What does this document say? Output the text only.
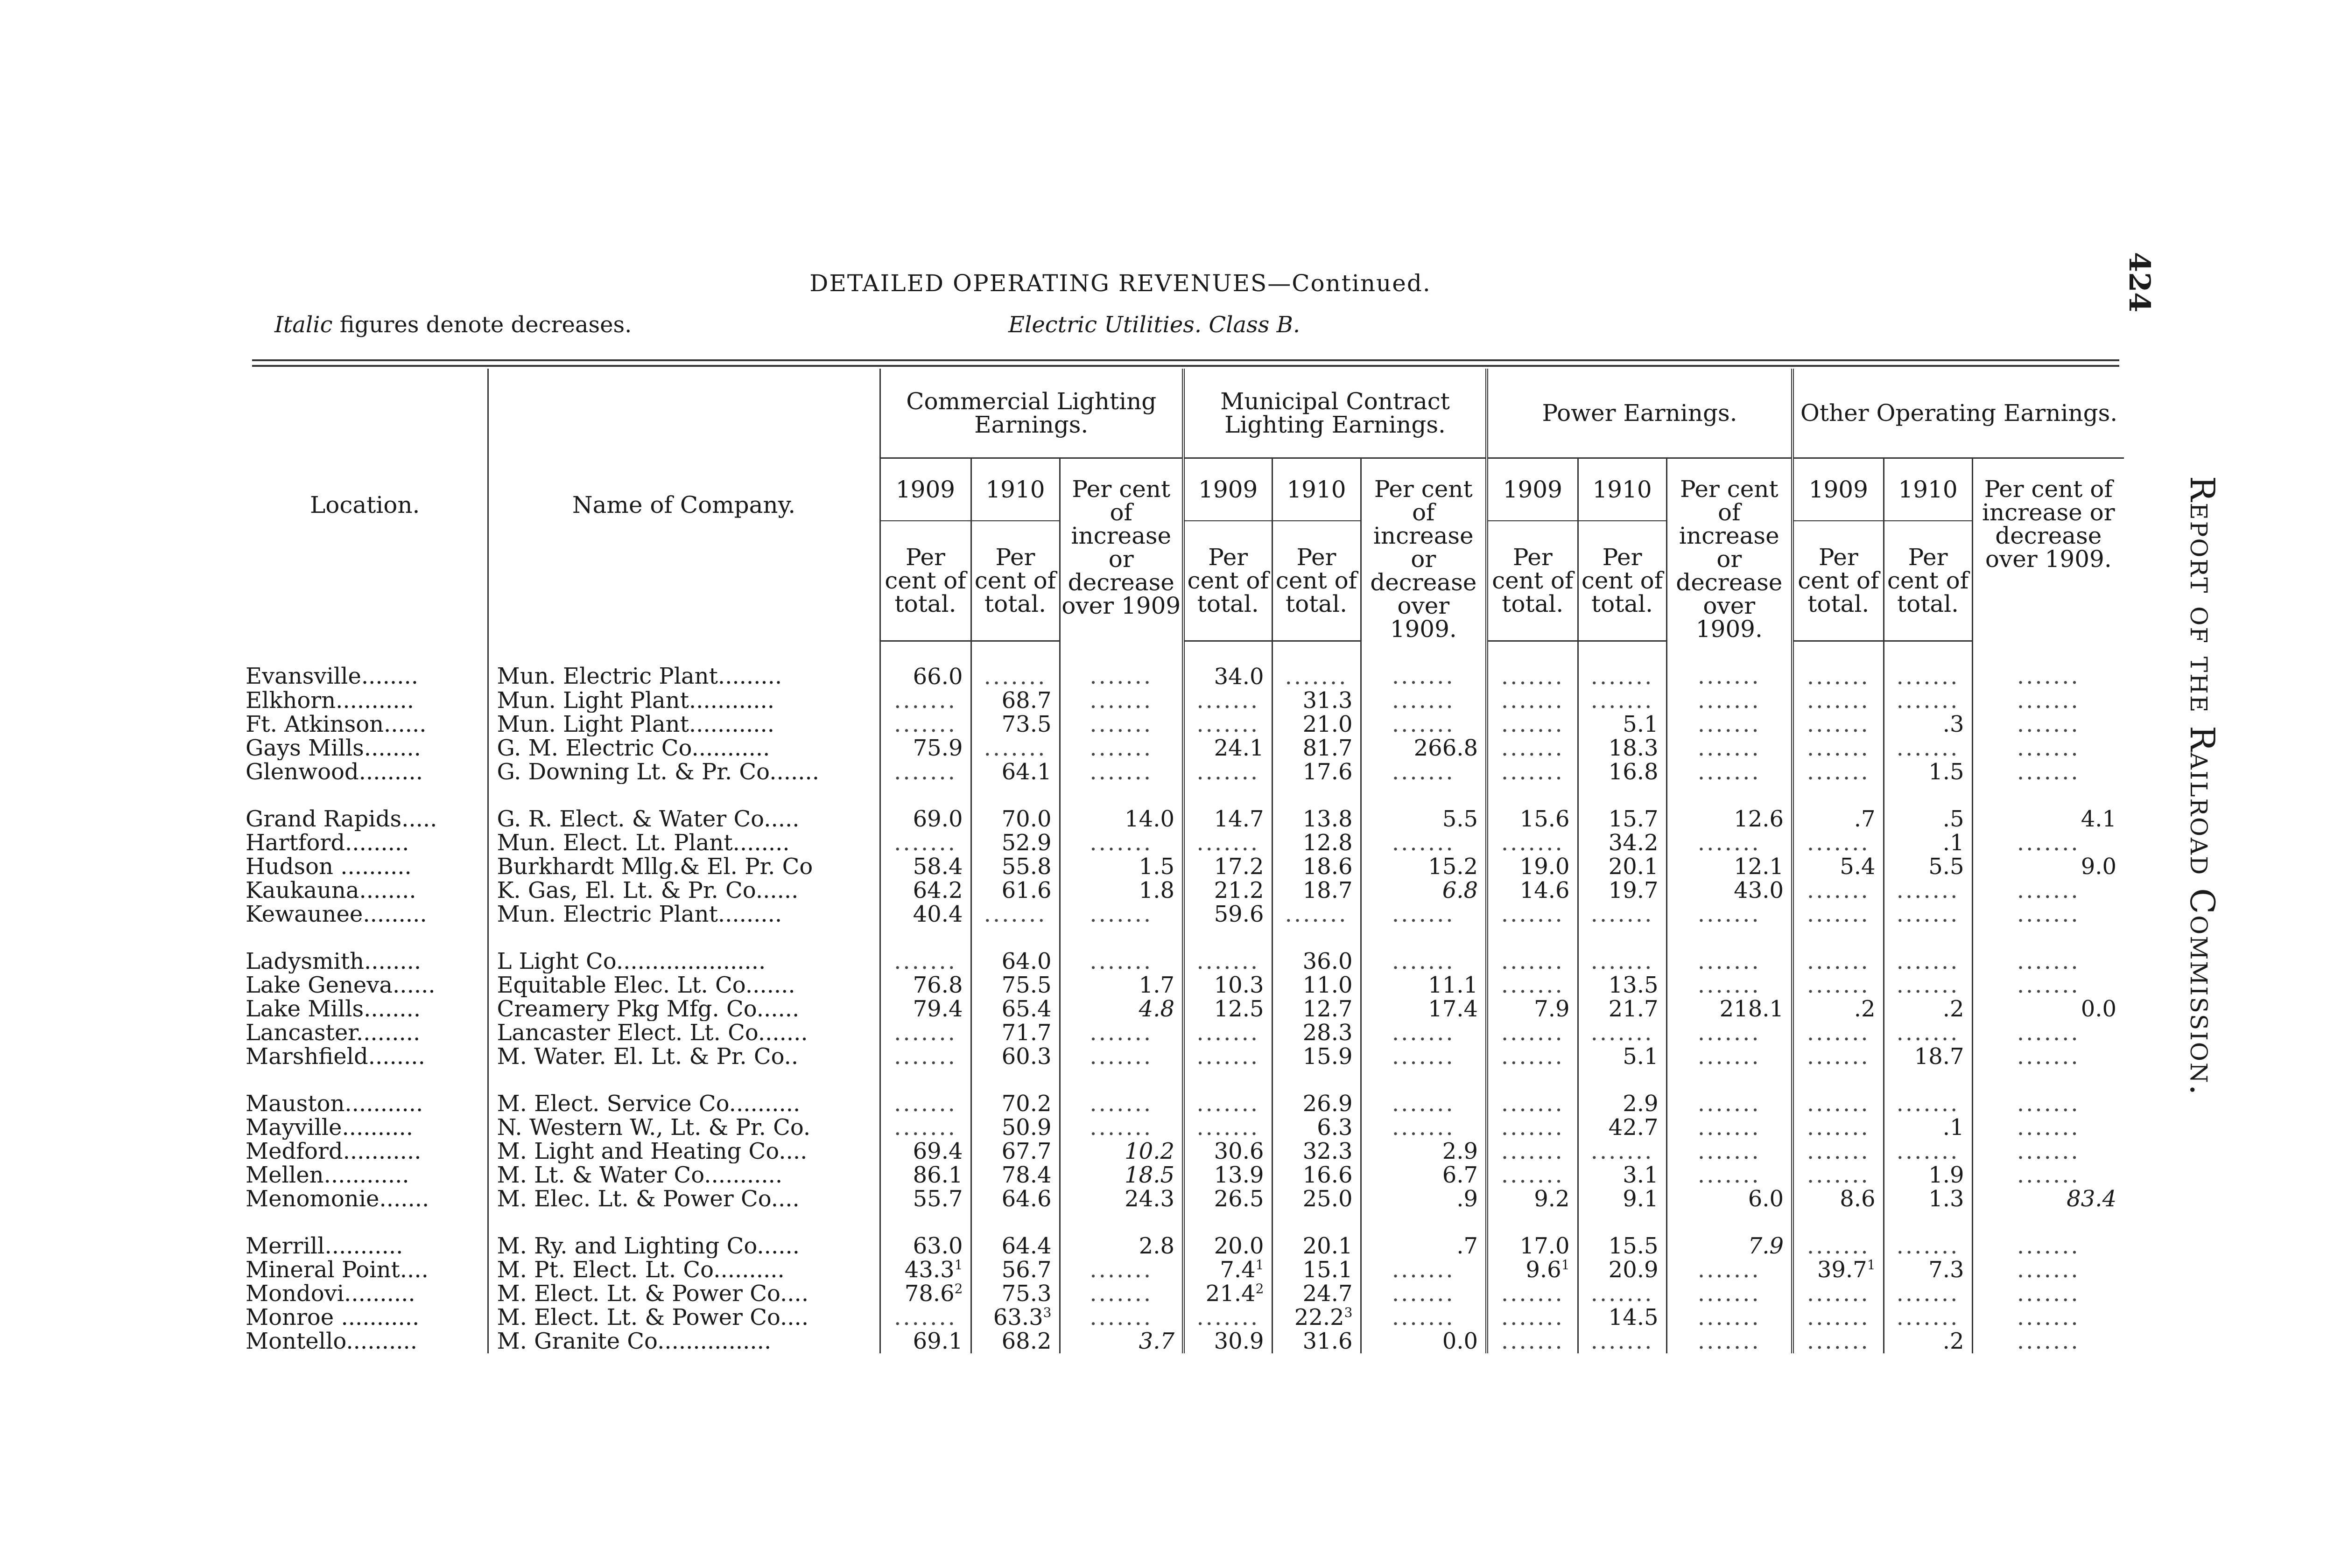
DETAILED OPERATING REVENUES—Continued.
Italic figures denote decreases.	Electric Utilities. Class B.
424
Report of the Railroad Commission.
Location.	Name of Company.	Commercial Lighting Earnings.			Municipal Contract Lighting Earnings.			Power Earnings.			Other Operating Earnings.		
		1909	1910	Per cent of increase or decrease over 1909	1909	1910	Per cent of increase or decrease over 1909.	1909	1910	Per cent of increase or decrease over 1909.	1909	1910	Per cent of increase or decrease over 1909.
		Per cent of total.	Per cent of total.		Per cent of total.	Per cent of total.		Per cent of total.	Per cent of total.		Per cent of total.	Per cent of total.	
Evansville........	Mun. Electric Plant.........	66.0	.......	.......	34.0	.......	.......	.......	.......	.......	.......	.......	.......
Elkhorn...........	Mun. Light Plant............	.......	68.7	.......	.......	31.3	.......	.......	.......	.......	.......	.......	.......
Ft. Atkinson......	Mun. Light Plant............	.......	73.5	.......	.......	21.0	.......	.......	5.1	.......	.......	.3	.......
Gays Mills........	G. M. Electric Co...........	75.9	.......	.......	24.1	81.7	266.8	.......	18.3	.......	.......	.......	.......
Glenwood.........	G. Downing Lt. & Pr. Co.......	.......	64.1	.......	.......	17.6	.......	.......	16.8	.......	.......	1.5	.......

Grand Rapids.....	G. R. Elect. & Water Co.....	69.0	70.0	14.0	14.7	13.8	5.5	15.6	15.7	12.6	.7	.5	4.1
Hartford.........	Mun. Elect. Lt. Plant........	.......	52.9	.......	.......	12.8	.......	.......	34.2	.......	.......	.1	.......
Hudson ..........	Burkhardt Mllg.& El. Pr. Co	58.4	55.8	1.5	17.2	18.6	15.2	19.0	20.1	12.1	5.4	5.5	9.0
Kaukauna........	K. Gas, El. Lt. & Pr. Co......	64.2	61.6	1.8	21.2	18.7	6.8	14.6	19.7	43.0	.......	.......	.......
Kewaunee.........	Mun. Electric Plant.........	40.4	.......	.......	59.6	.......	.......	.......	.......	.......	.......	.......	.......

Ladysmith........	L Light Co.....................	.......	64.0	.......	.......	36.0	.......	.......	.......	.......	.......	.......	.......
Lake Geneva......	Equitable Elec. Lt. Co.......	76.8	75.5	1.7	10.3	11.0	11.1	.......	13.5	.......	.......	.......	.......
Lake Mills........	Creamery Pkg Mfg. Co......	79.4	65.4	4.8	12.5	12.7	17.4	7.9	21.7	218.1	.2	.2	0.0
Lancaster.........	Lancaster Elect. Lt. Co.......	.......	71.7	.......	.......	28.3	.......	.......	.......	.......	.......	.......	.......
Marshfield........	M. Water. El. Lt. & Pr. Co..	.......	60.3	.......	.......	15.9	.......	.......	5.1	.......	.......	18.7	.......

Mauston...........	M. Elect. Service Co..........	.......	70.2	.......	.......	26.9	.......	.......	2.9	.......	.......	.......	.......
Mayville..........	N. Western W., Lt. & Pr. Co.	.......	50.9	.......	.......	6.3	.......	.......	42.7	.......	.......	.1	.......
Medford...........	M. Light and Heating Co....	69.4	67.7	10.2	30.6	32.3	2.9	.......	.......	.......	.......	.......	.......
Mellen............	M. Lt. & Water Co...........	86.1	78.4	18.5	13.9	16.6	6.7	.......	3.1	.......	.......	1.9	.......
Menomonie.......	M. Elec. Lt. & Power Co....	55.7	64.6	24.3	26.5	25.0	.9	9.2	9.1	6.0	8.6	1.3	83.4

Merrill...........	M. Ry. and Lighting Co......	63.0	64.4	2.8	20.0	20.1	.7	17.0	15.5	7.9	.......	.......	.......
Mineral Point....	M. Pt. Elect. Lt. Co..........	43.3$^1$	56.7	.......	$7.4^1$	15.1	.......	$9.6^1$	20.9	.......	39.7$^1$	7.3	.......
Mondovi..........	M. Elect. Lt. & Power Co....	78.6$^2$	75.3	.......	21.4$^2$	24.7	.......	.......	.......	.......	.......	.......	.......
Monroe ...........	M. Elect. Lt. & Power Co....	.......	63.3$^3$	.......	.......	22.2$^3$	.......	.......	14.5	.......	.......	.......	.......
Montello..........	M. Granite Co................	69.1	68.2	3.7	30.9	31.6	0.0	.......	.......	.......	.......	.2	.......
